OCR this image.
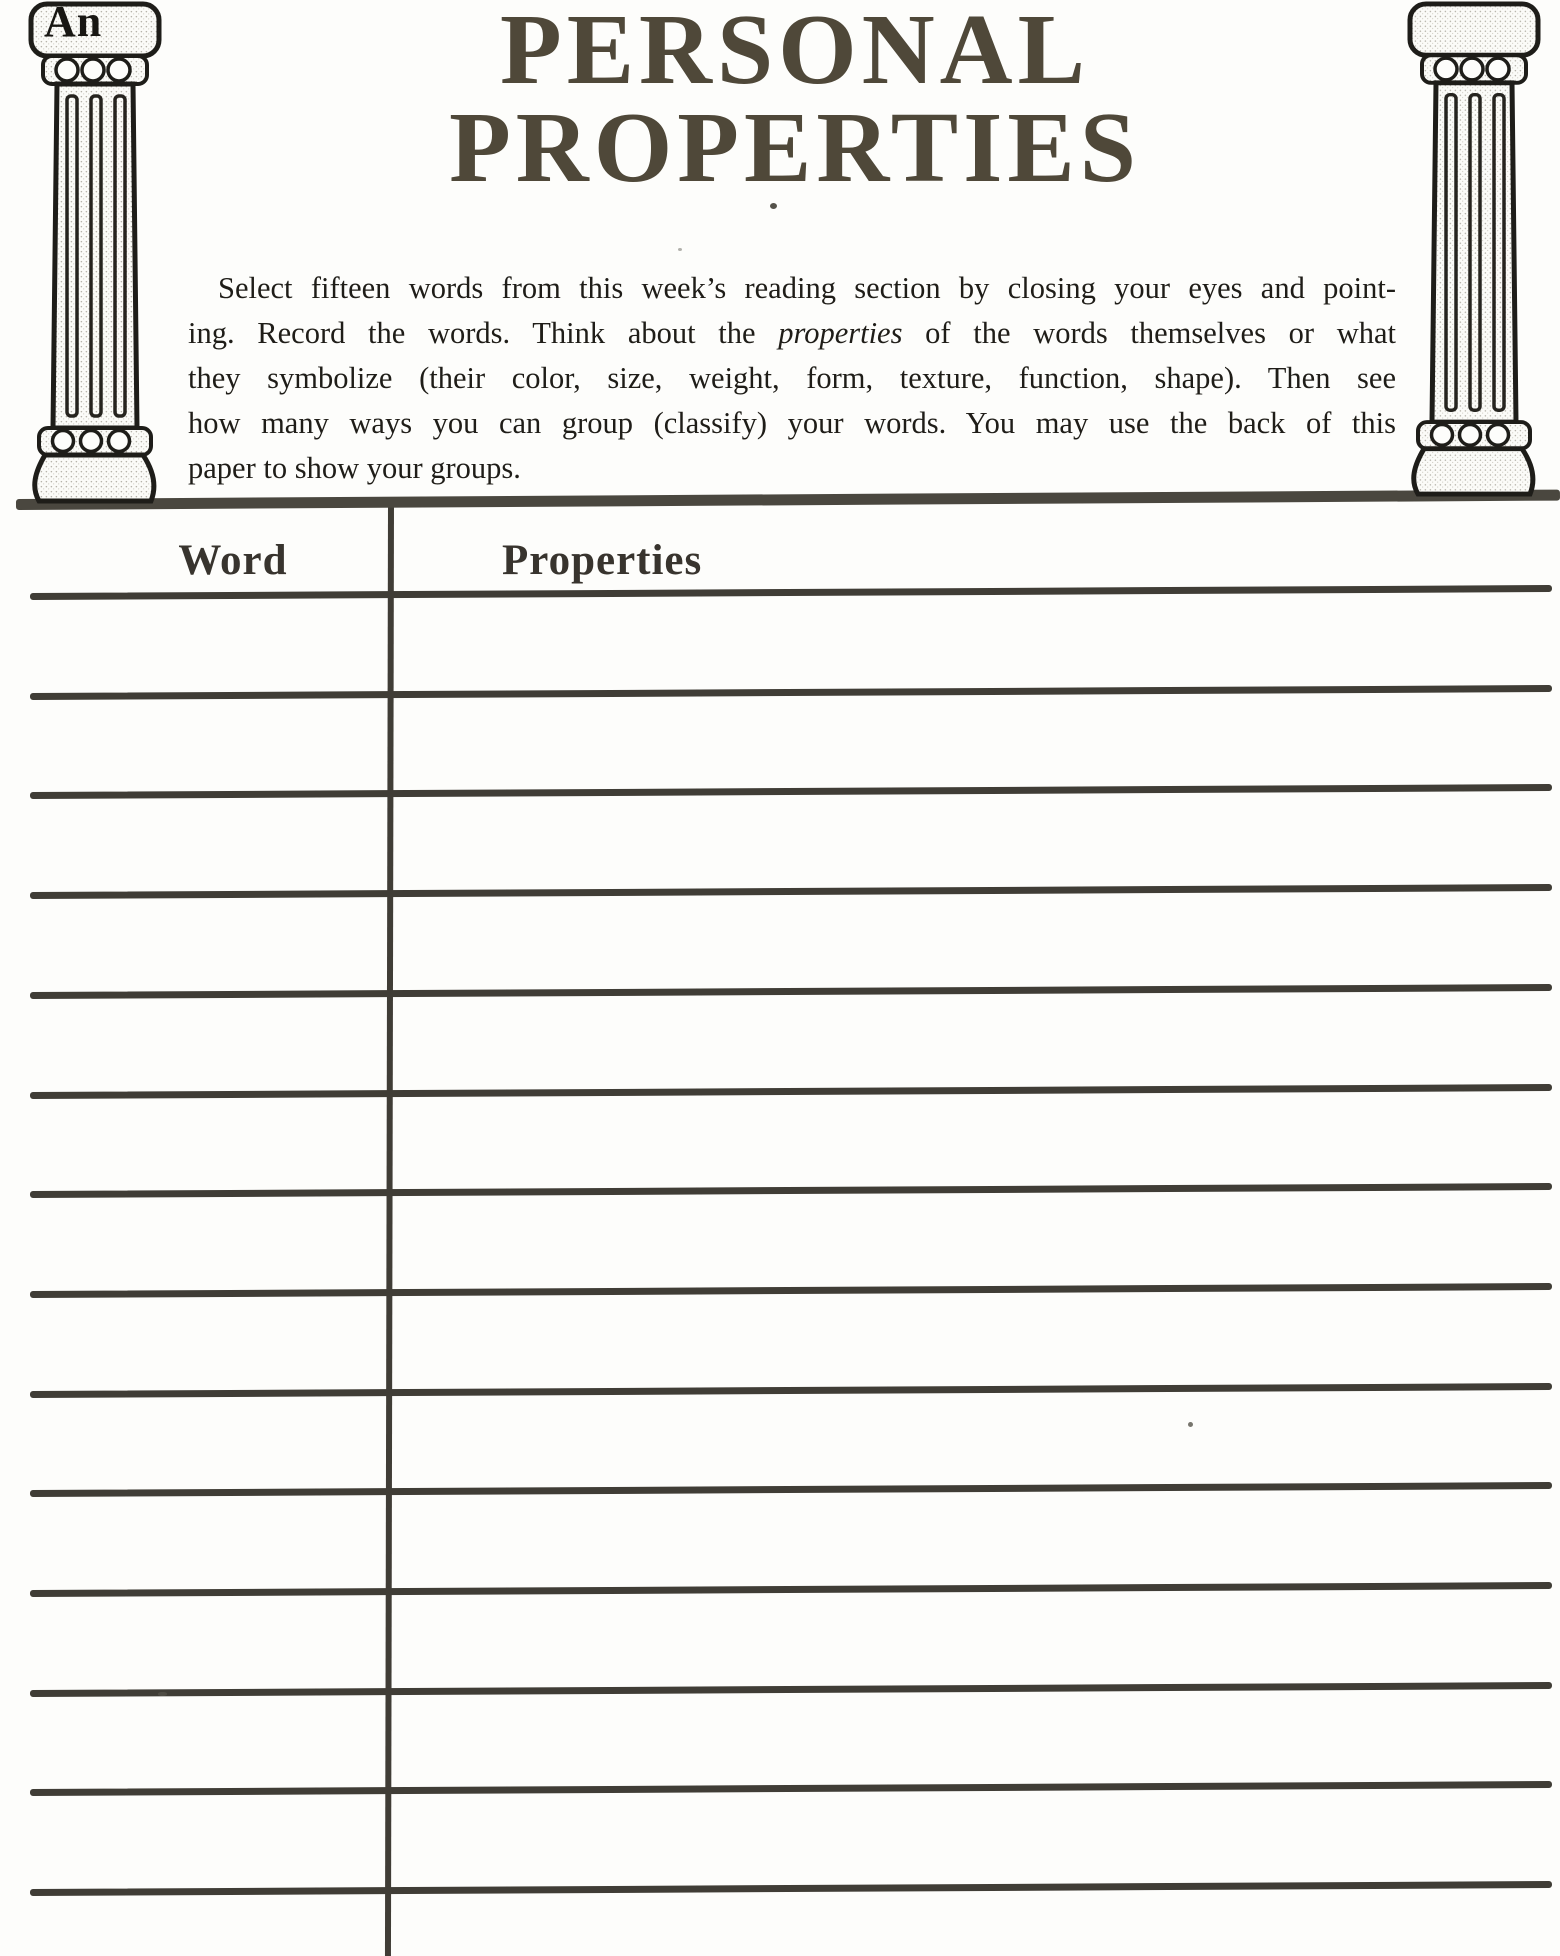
An	PERSONAL
PROPERTIES
Select fifteen words from this week’s reading section by closing your eyes and point-
ing. Record the words. Think about the properties of the words themselves or what
they symbolize (their color, size, weight, form, texture, function, shape). Then see
how many ways you can group (classify) your words. You may use the back of this
paper to show your groups.
Word	Properties
